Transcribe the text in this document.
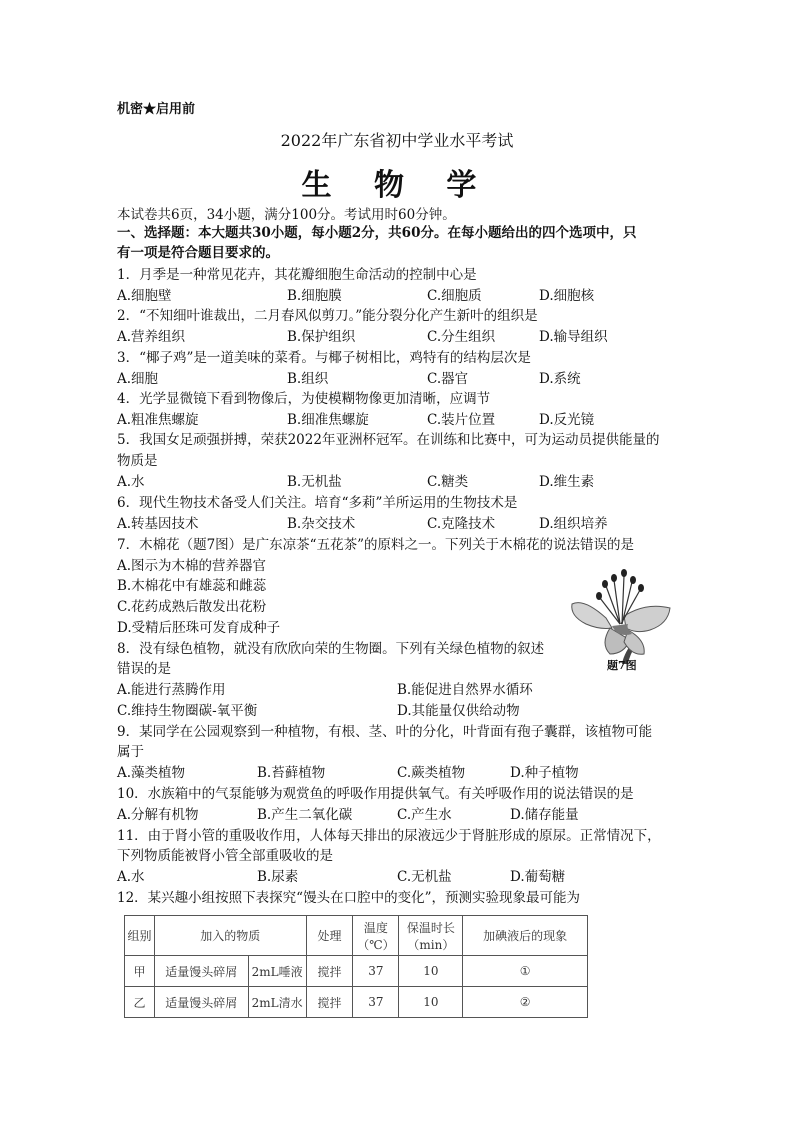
机密★启用前
2022年广东省初中学业水平考试
生 物 学
本试卷共6页，34小题，满分100分。考试用时60分钟。
一、选择题：本大题共30小题，每小题2分，共60分。在每小题给出的四个选项中，只
有一项是符合题目要求的。
1．月季是一种常见花卉，其花瓣细胞生命活动的控制中心是
A.细胞壁	B.细胞膜	C.细胞质	D.细胞核
2．“不知细叶谁裁出，二月春风似剪刀。”能分裂分化产生新叶的组织是
A.营养组织	B.保护组织	C.分生组织	D.输导组织
3．“椰子鸡”是一道美味的菜肴。与椰子树相比，鸡特有的结构层次是
A.细胞	B.组织	C.器官	D.系统
4．光学显微镜下看到物像后，为使模糊物像更加清晰，应调节
A.粗准焦螺旋	B.细准焦螺旋	C.装片位置	D.反光镜
5．我国女足顽强拼搏，荣获2022年亚洲杯冠军。在训练和比赛中，可为运动员提供能量的
物质是
A.水	B.无机盐	C.糖类	D.维生素
6．现代生物技术备受人们关注。培育“多莉”羊所运用的生物技术是
A.转基因技术	B.杂交技术	C.克隆技术	D.组织培养
7．木棉花（题7图）是广东凉茶“五花茶”的原料之一。下列关于木棉花的说法错误的是
A.图示为木棉的营养器官
B.木棉花中有雄蕊和雌蕊
C.花药成熟后散发出花粉
D.受精后胚珠可发育成种子
题7图
8．没有绿色植物，就没有欣欣向荣的生物圈。下列有关绿色植物的叙述
错误的是
A.能进行蒸腾作用	B.能促进自然界水循环
C.维持生物圈碳-氧平衡	D.其能量仅供给动物
9．某同学在公园观察到一种植物，有根、茎、叶的分化，叶背面有孢子囊群，该植物可能
属于
A.藻类植物	B.苔藓植物	C.蕨类植物	D.种子植物
10．水族箱中的气泵能够为观赏鱼的呼吸作用提供氧气。有关呼吸作用的说法错误的是
A.分解有机物	B.产生二氧化碳	C.产生水	D.储存能量
11．由于肾小管的重吸收作用，人体每天排出的尿液远少于肾脏形成的原尿。正常情况下，
下列物质能被肾小管全部重吸收的是
A.水	B.尿素	C.无机盐	D.葡萄糖
12．某兴趣小组按照下表探究“馒头在口腔中的变化”，预测实验现象最可能为
组别	加入的物质		处理	温度（℃）	保温时长（min）	加碘液后的现象
甲	适量馒头碎屑	2mL唾液	搅拌	37	10	①
乙	适量馒头碎屑	2mL清水	搅拌	37	10	②
